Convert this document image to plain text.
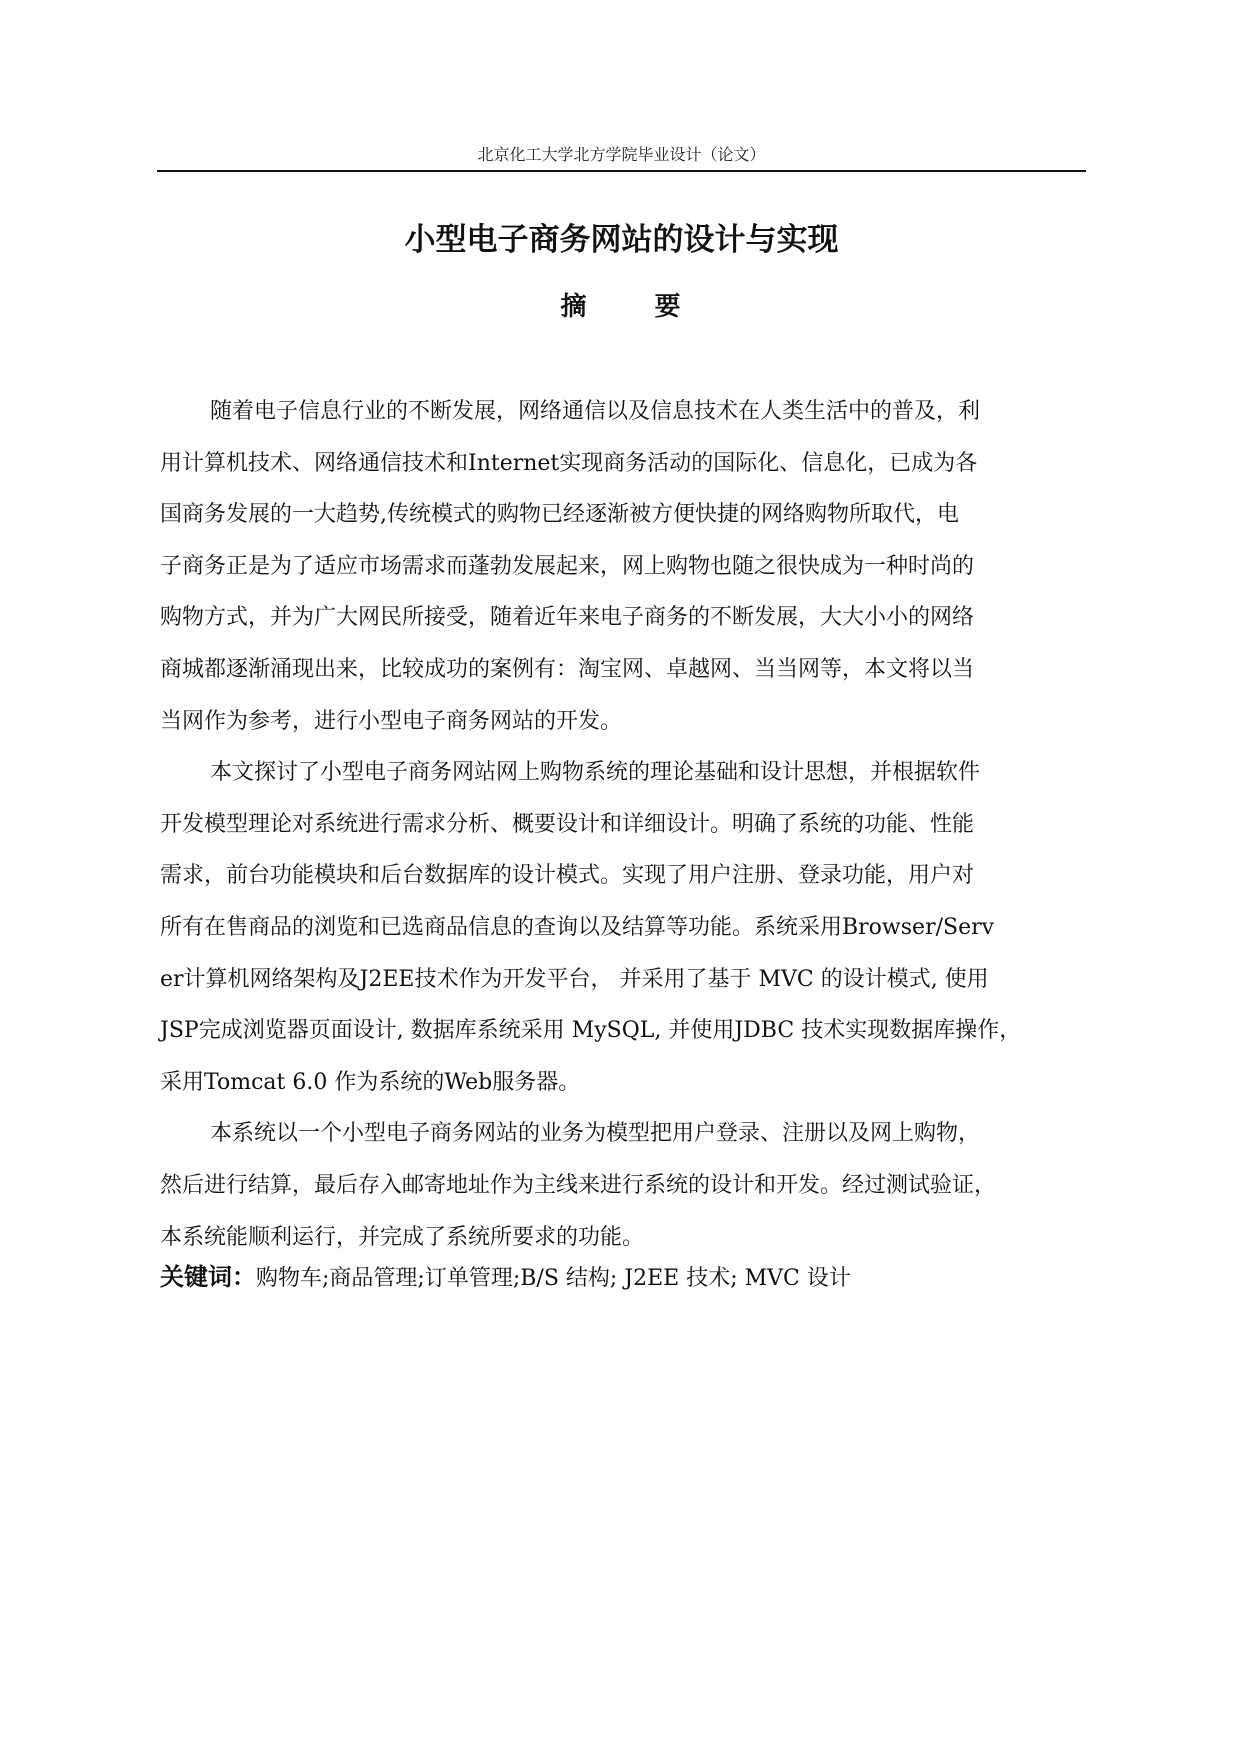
北京化工大学北方学院毕业设计（论文）
小型电子商务网站的设计与实现
摘	要
随着电子信息行业的不断发展，网络通信以及信息技术在人类生活中的普及，利
用计算机技术、网络通信技术和Internet实现商务活动的国际化、信息化，已成为各
国商务发展的一大趋势,传统模式的购物已经逐渐被方便快捷的网络购物所取代，电
子商务正是为了适应市场需求而蓬勃发展起来，网上购物也随之很快成为一种时尚的
购物方式，并为广大网民所接受，随着近年来电子商务的不断发展，大大小小的网络
商城都逐渐涌现出来，比较成功的案例有：淘宝网、卓越网、当当网等，本文将以当
当网作为参考，进行小型电子商务网站的开发。
本文探讨了小型电子商务网站网上购物系统的理论基础和设计思想，并根据软件
开发模型理论对系统进行需求分析、概要设计和详细设计。明确了系统的功能、性能
需求，前台功能模块和后台数据库的设计模式。实现了用户注册、登录功能，用户对
所有在售商品的浏览和已选商品信息的查询以及结算等功能。系统采用Browser/Serv
er计算机网络架构及J2EE技术作为开发平台， 并采用了基于 MVC 的设计模式, 使用
JSP完成浏览器页面设计, 数据库系统采用 MySQL, 并使用JDBC 技术实现数据库操作，
采用Tomcat 6.0 作为系统的Web服务器。
本系统以一个小型电子商务网站的业务为模型把用户登录、注册以及网上购物，
然后进行结算，最后存入邮寄地址作为主线来进行系统的设计和开发。经过测试验证，
本系统能顺利运行，并完成了系统所要求的功能。
关键词：购物车;商品管理;订单管理;B/S 结构; J2EE 技术; MVC 设计
